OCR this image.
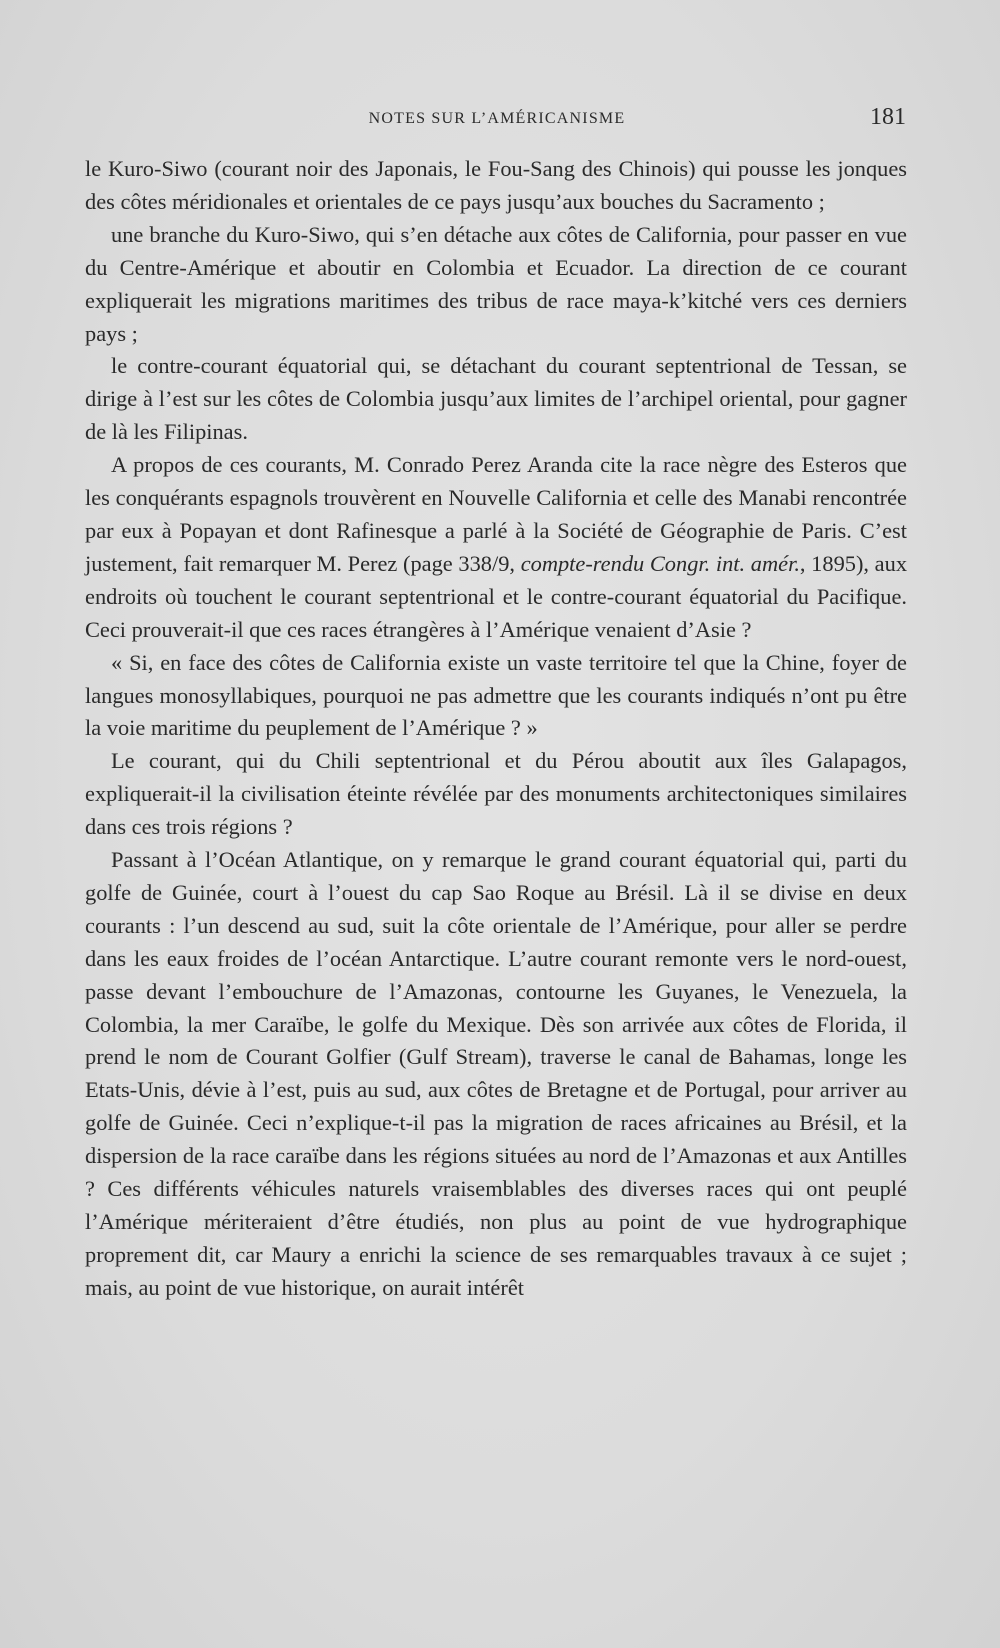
NOTES SUR L’AMÉRICANISME	181

le Kuro-Siwo (courant noir des Japonais, le Fou-Sang des Chinois) qui pousse les jonques des côtes méridionales et orientales de ce pays jusqu’aux bouches du Sacramento ;

une branche du Kuro-Siwo, qui s’en détache aux côtes de California, pour passer en vue du Centre-Amérique et aboutir en Colombia et Ecuador. La direction de ce courant expliquerait les migrations maritimes des tribus de race maya-k’kitché vers ces derniers pays ;

le contre-courant équatorial qui, se détachant du courant septentrional de Tessan, se dirige à l’est sur les côtes de Colombia jusqu’aux limites de l’archipel oriental, pour gagner de là les Filipinas.

A propos de ces courants, M. Conrado Perez Aranda cite la race nègre des Esteros que les conquérants espagnols trouvèrent en Nouvelle California et celle des Manabi rencontrée par eux à Popayan et dont Rafinesque a parlé à la Société de Géographie de Paris. C’est justement, fait remarquer M. Perez (page 338/9, compte-rendu Congr. int. amér., 1895), aux endroits où touchent le courant septentrional et le contre-courant équatorial du Pacifique. Ceci prouverait-il que ces races étrangères à l’Amérique venaient d’Asie ?

« Si, en face des côtes de California existe un vaste territoire tel que la Chine, foyer de langues monosyllabiques, pourquoi ne pas admettre que les courants indiqués n’ont pu être la voie maritime du peuplement de l’Amérique ? »

Le courant, qui du Chili septentrional et du Pérou aboutit aux îles Galapagos, expliquerait-il la civilisation éteinte révélée par des monuments architectoniques similaires dans ces trois régions ?

Passant à l’Océan Atlantique, on y remarque le grand courant équatorial qui, parti du golfe de Guinée, court à l’ouest du cap Sao Roque au Brésil. Là il se divise en deux courants : l’un descend au sud, suit la côte orientale de l’Amérique, pour aller se perdre dans les eaux froides de l’océan Antarctique. L’autre courant remonte vers le nord-ouest, passe devant l’embouchure de l’Amazonas, contourne les Guyanes, le Venezuela, la Colombia, la mer Caraïbe, le golfe du Mexique. Dès son arrivée aux côtes de Florida, il prend le nom de Courant Golfier (Gulf Stream), traverse le canal de Bahamas, longe les Etats-Unis, dévie à l’est, puis au sud, aux côtes de Bretagne et de Portugal, pour arriver au golfe de Guinée. Ceci n’explique-t-il pas la migration de races africaines au Brésil, et la dispersion de la race caraïbe dans les régions situées au nord de l’Amazonas et aux Antilles ? Ces différents véhicules naturels vraisemblables des diverses races qui ont peuplé l’Amérique mériteraient d’être étudiés, non plus au point de vue hydrographique proprement dit, car Maury a enrichi la science de ses remarquables travaux à ce sujet ; mais, au point de vue historique, on aurait intérêt
